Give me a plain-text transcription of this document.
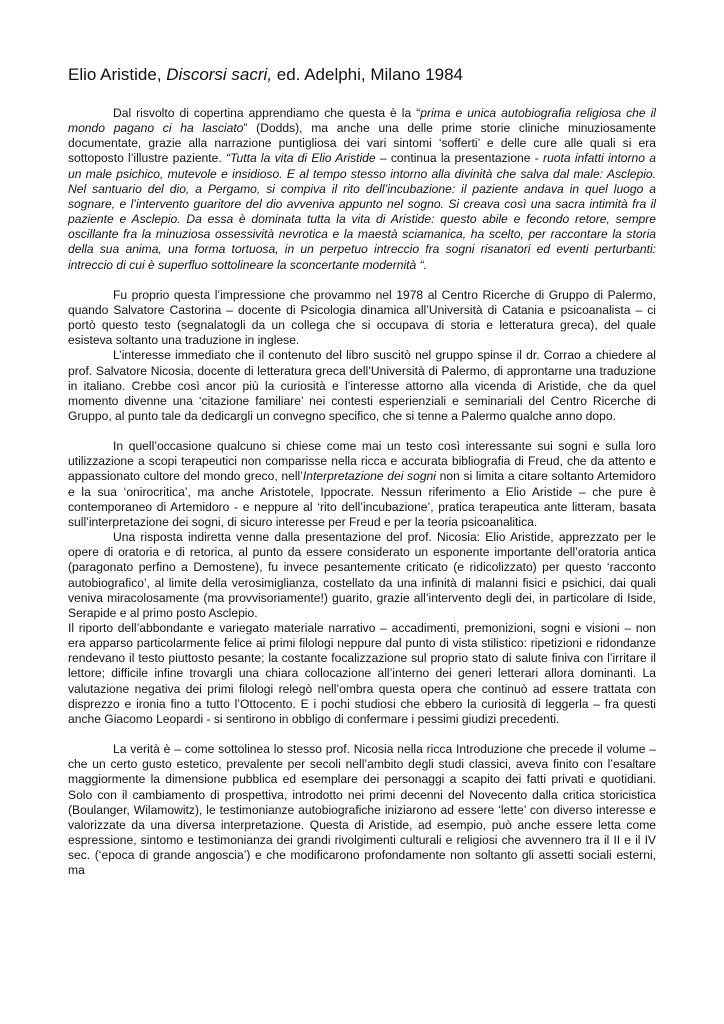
Elio Aristide, Discorsi sacri, ed. Adelphi, Milano 1984

Dal risvolto di copertina apprendiamo che questa è la “prima e unica autobiografia religiosa che il mondo pagano ci ha lasciato” (Dodds), ma anche una delle prime storie cliniche minuziosamente documentate, grazie alla narrazione puntigliosa dei vari sintomi ‘sofferti’ e delle cure alle quali si era sottoposto l’illustre paziente. “Tutta la vita di Elio Aristide – continua la presentazione - ruota infatti intorno a un male psichico, mutevole e insidioso. E al tempo stesso intorno alla divinità che salva dal male: Asclepio. Nel santuario del dio, a Pergamo, si compiva il rito dell’incubazione: il paziente andava in quel luogo a sognare, e l’intervento guaritore del dio avveniva appunto nel sogno. Si creava così una sacra intimità fra il paziente e Asclepio. Da essa è dominata tutta la vita di Aristide: questo abile e fecondo retore, sempre oscillante fra la minuziosa ossessività nevrotica e la maestà sciamanica, ha scelto, per raccontare la storia della sua anima, una forma tortuosa, in un perpetuo intreccio fra sogni risanatori ed eventi perturbanti: intreccio di cui è superfluo sottolineare la sconcertante modernità “.

Fu proprio questa l’impressione che provammo nel 1978 al Centro Ricerche di Gruppo di Palermo, quando Salvatore Castorina – docente di Psicologia dinamica all’Università di Catania e psicoanalista – ci portò questo testo (segnalatogli da un collega che si occupava di storia e letteratura greca), del quale esisteva soltanto una traduzione in inglese.

L’interesse immediato che il contenuto del libro suscitò nel gruppo spinse il dr. Corrao a chiedere al prof. Salvatore Nicosia, docente di letteratura greca dell’Università di Palermo, di approntarne una traduzione in italiano. Crebbe così ancor più la curiosità e l’interesse attorno alla vicenda di Aristide, che da quel momento divenne una ‘citazione familiare’ nei contesti esperienziali e seminariali del Centro Ricerche di Gruppo, al punto tale da dedicargli un convegno specifico, che si tenne a Palermo qualche anno dopo.

In quell’occasione qualcuno si chiese come mai un testo così interessante sui sogni e sulla loro utilizzazione a scopi terapeutici non comparisse nella ricca e accurata bibliografia di Freud, che da attento e appassionato cultore del mondo greco, nell’Interpretazione dei sogni non si limita a citare soltanto Artemidoro e la sua ‘onirocritica’, ma anche Aristotele, Ippocrate. Nessun riferimento a Elio Aristide – che pure è contemporaneo di Artemidoro - e neppure al ‘rito dell’incubazione’, pratica terapeutica ante litteram, basata sull’interpretazione dei sogni, di sicuro interesse per Freud e per la teoria psicoanalitica.

Una risposta indiretta venne dalla presentazione del prof. Nicosia: Elio Aristide, apprezzato per le opere di oratoria e di retorica, al punto da essere considerato un esponente importante dell’oratoria antica (paragonato perfino a Demostene), fu invece pesantemente criticato (e ridicolizzato) per questo ‘racconto autobiografico’, al limite della verosimiglianza, costellato da una infinità di malanni fisici e psichici, dai quali veniva miracolosamente (ma provvisoriamente!) guarito, grazie all’intervento degli dei, in particolare di Iside, Serapide e al primo posto Asclepio.

Il riporto dell’abbondante e variegato materiale narrativo – accadimenti, premonizioni, sogni e visioni – non era apparso particolarmente felice ai primi filologi neppure dal punto di vista stilistico: ripetizioni e ridondanze rendevano il testo piuttosto pesante; la costante focalizzazione sul proprio stato di salute finiva con l’irritare il lettore; difficile infine trovargli una chiara collocazione all’interno dei generi letterari allora dominanti. La valutazione negativa dei primi filologi relegò nell’ombra questa opera che continuò ad essere trattata con disprezzo e ironia fino a tutto l’Ottocento. E i pochi studiosi che ebbero la curiosità di leggerla – fra questi anche Giacomo Leopardi - si sentirono in obbligo di confermare i pessimi giudizi precedenti.

La verità è – come sottolinea lo stesso prof. Nicosia nella ricca Introduzione che precede il volume – che un certo gusto estetico, prevalente per secoli nell’ambito degli studi classici, aveva finito con l’esaltare maggiormente la dimensione pubblica ed esemplare dei personaggi a scapito dei fatti privati e quotidiani. Solo con il cambiamento di prospettiva, introdotto nei primi decenni del Novecento dalla critica storicistica (Boulanger, Wilamowitz), le testimonianze autobiografiche iniziarono ad essere ‘lette’ con diverso interesse e valorizzate da una diversa interpretazione. Questa di Aristide, ad esempio, può anche essere letta come espressione, sintomo e testimonianza dei grandi rivolgimenti culturali e religiosi che avvennero tra il II e il IV sec. (‘epoca di grande angoscia’) e che modificarono profondamente non soltanto gli assetti sociali esterni, ma
